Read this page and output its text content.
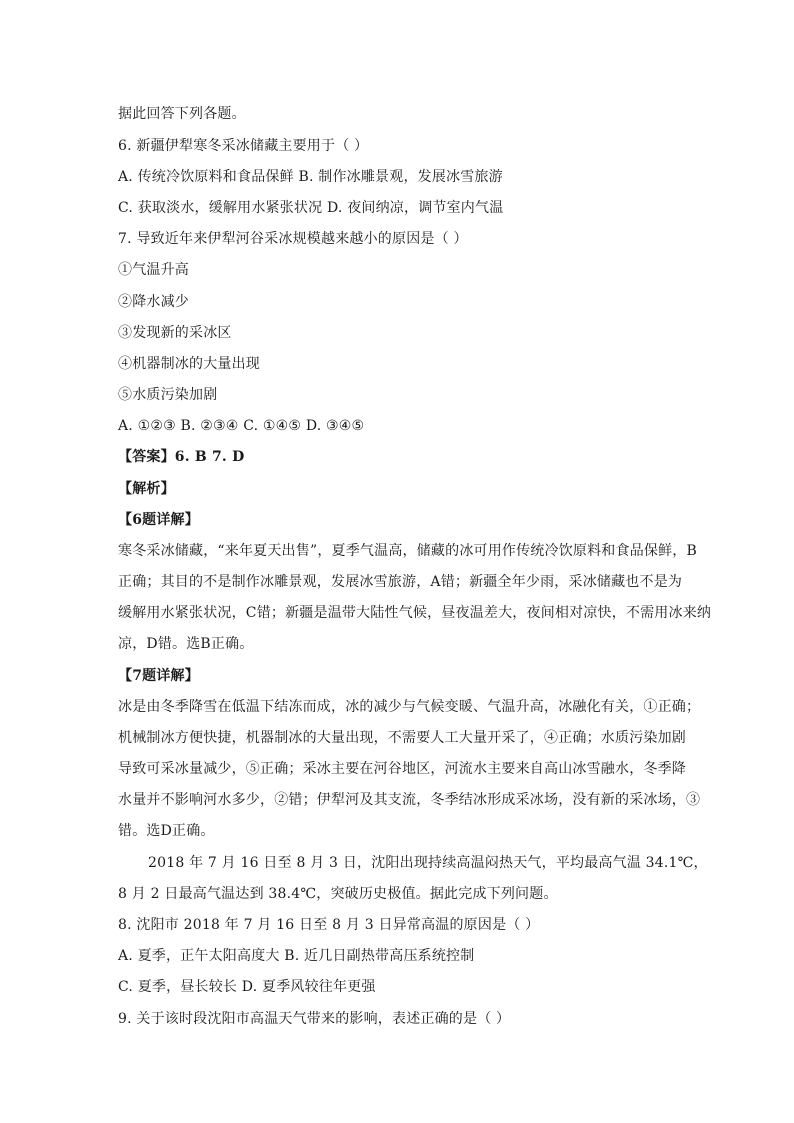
据此回答下列各题。
6. 新疆伊犁寒冬采冰储藏主要用于（ ）
A. 传统冷饮原料和食品保鲜 B. 制作冰雕景观，发展冰雪旅游
C. 获取淡水，缓解用水紧张状况 D. 夜间纳凉，调节室内气温
7. 导致近年来伊犁河谷采冰规模越来越小的原因是（ ）
①气温升高
②降水减少
③发现新的采冰区
④机器制冰的大量出现
⑤水质污染加剧
A. ①②③ B. ②③④ C. ①④⑤ D. ③④⑤
【答案】6. B 7. D
【解析】
【6题详解】
寒冬采冰储藏，“来年夏天出售”，夏季气温高，储藏的冰可用作传统冷饮原料和食品保鲜，B
正确；其目的不是制作冰雕景观，发展冰雪旅游，A错；新疆全年少雨，采冰储藏也不是为
缓解用水紧张状况，C错；新疆是温带大陆性气候，昼夜温差大，夜间相对凉快，不需用冰来纳
凉，D错。选B正确。
【7题详解】
冰是由冬季降雪在低温下结冻而成，冰的减少与气候变暖、气温升高，冰融化有关，①正确；
机械制冰方便快捷，机器制冰的大量出现，不需要人工大量开采了，④正确；水质污染加剧
导致可采冰量减少，⑤正确；采冰主要在河谷地区，河流水主要来自高山冰雪融水，冬季降
水量并不影响河水多少，②错；伊犁河及其支流，冬季结冰形成采冰场，没有新的采冰场，③
错。选D正确。
2018 年 7 月 16 日至 8 月 3 日，沈阳出现持续高温闷热天气，平均最高气温 34.1℃，
8 月 2 日最高气温达到 38.4℃，突破历史极值。据此完成下列问题。
8. 沈阳市 2018 年 7 月 16 日至 8 月 3 日异常高温的原因是（ ）
A. 夏季，正午太阳高度大 B. 近几日副热带高压系统控制
C. 夏季，昼长较长 D. 夏季风较往年更强
9. 关于该时段沈阳市高温天气带来的影响，表述正确的是（ ）
